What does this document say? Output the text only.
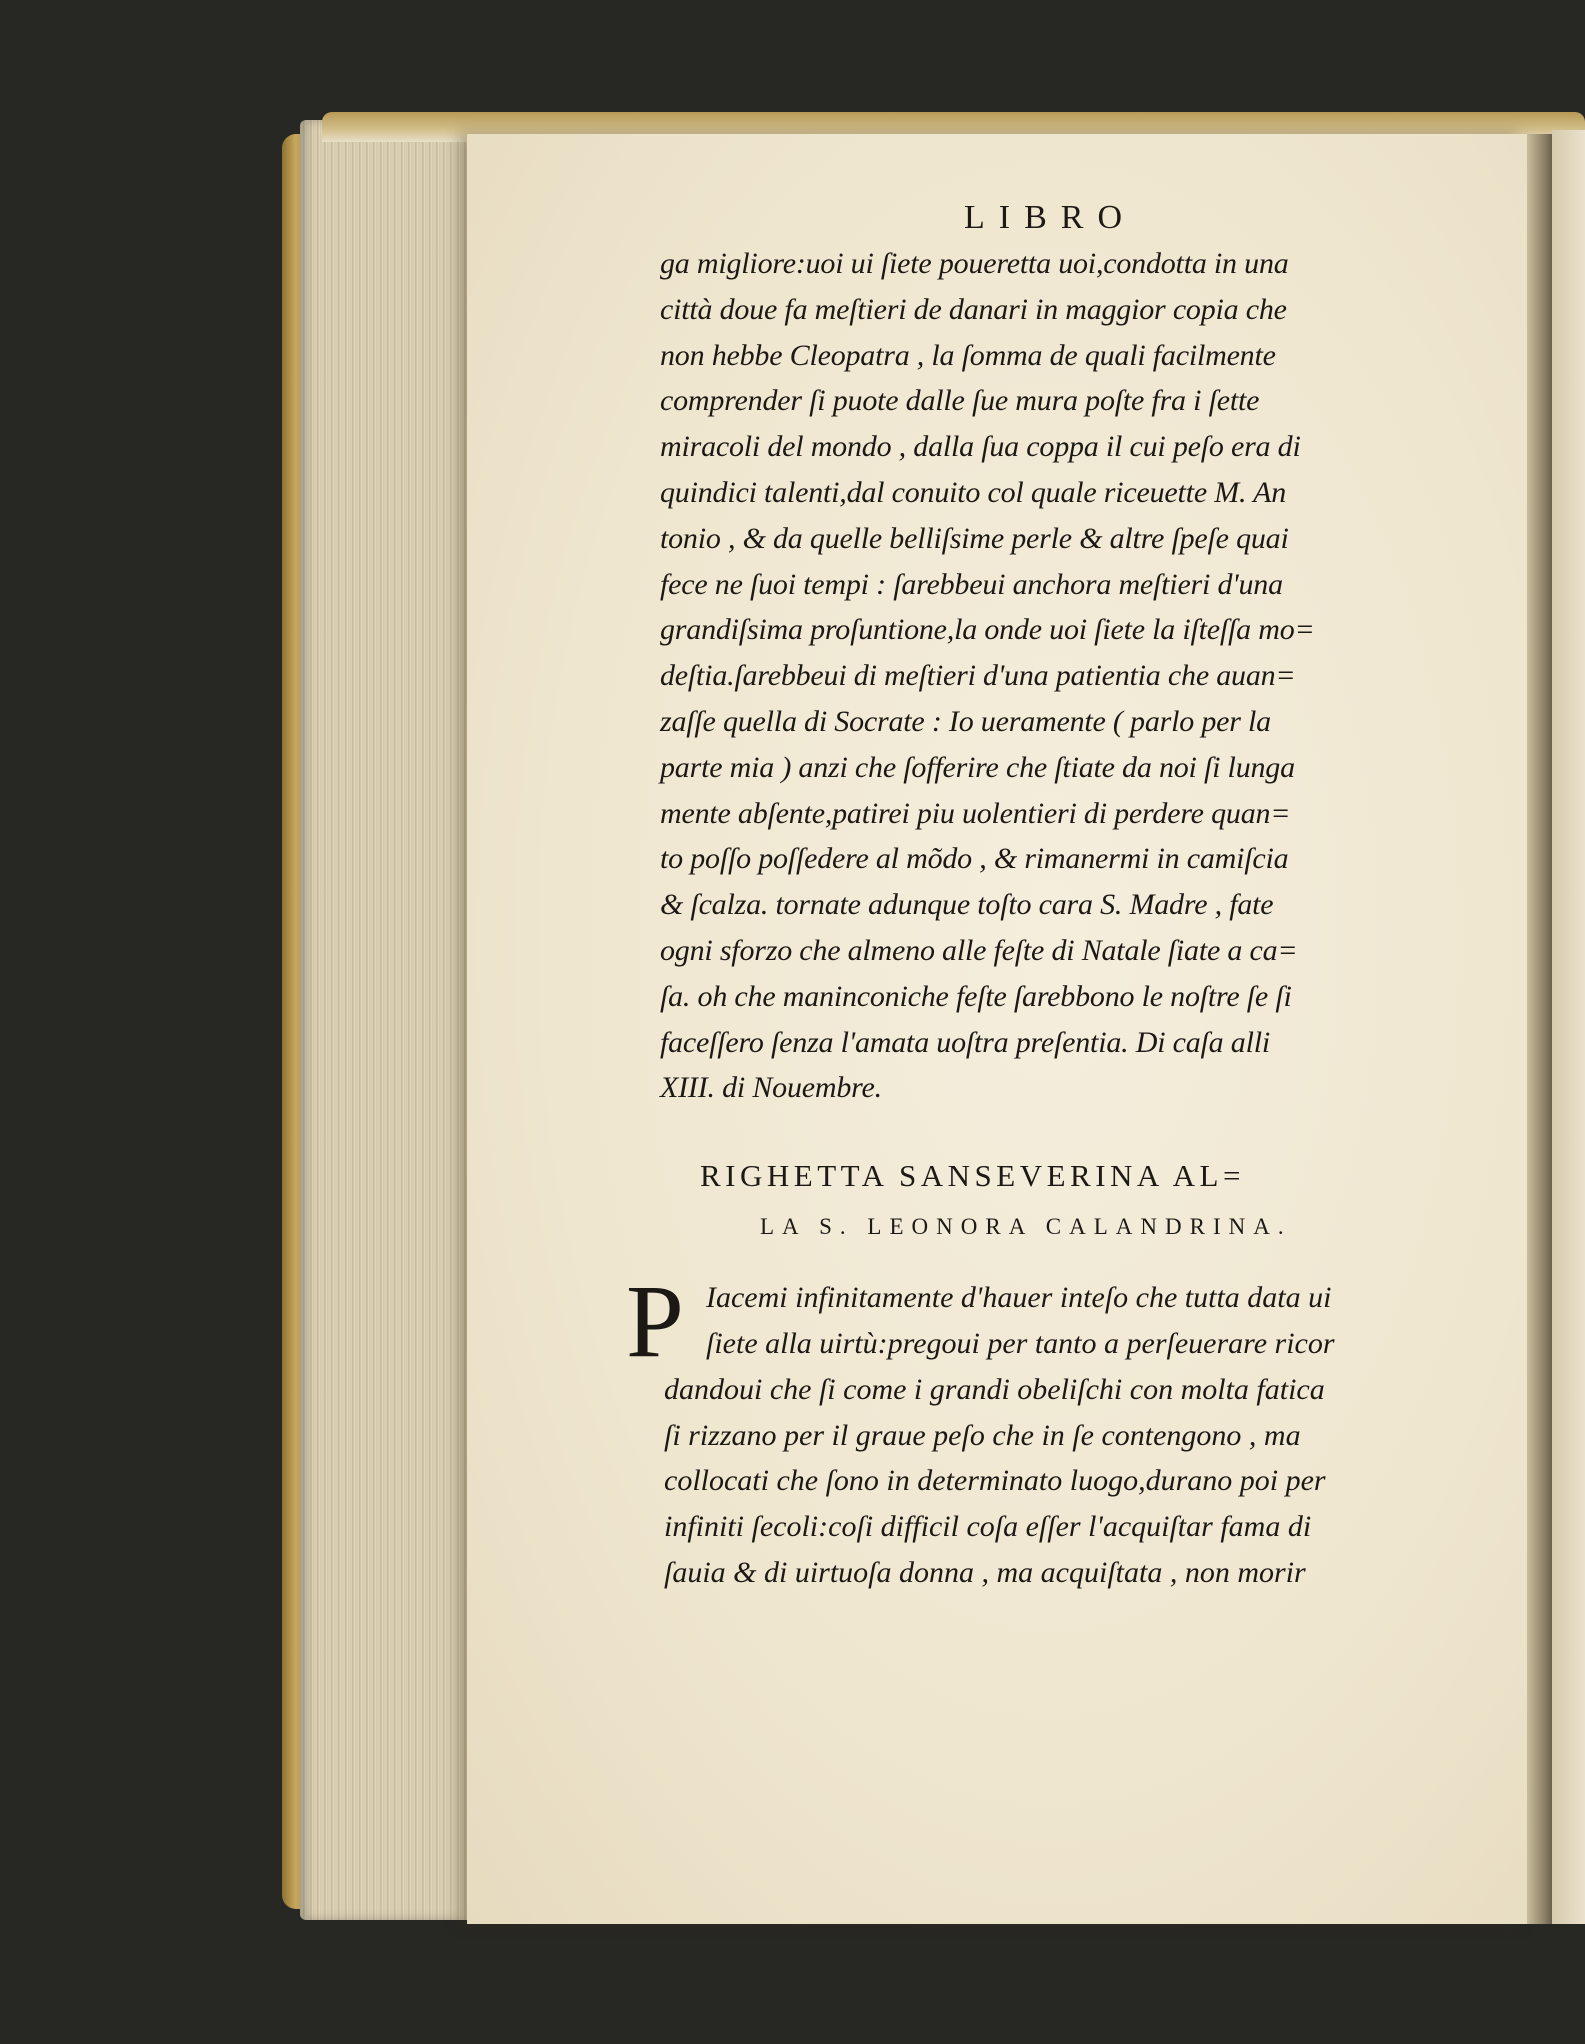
LIBRO
ga migliore:uoi ui ſiete poueretta uoi,condotta in una
città doue fa meſtieri de danari in maggior copia che
non hebbe Cleopatra , la ſomma de quali facilmente
comprender ſi puote dalle ſue mura poſte fra i ſette
miracoli del mondo , dalla ſua coppa il cui peſo era di
quindici talenti,dal conuito col quale riceuette M. An
tonio , & da quelle belliſsime perle & altre ſpeſe quai
fece ne ſuoi tempi : ſarebbeui anchora meſtieri d'una
grandiſsima proſuntione,la onde uoi ſiete la iſteſſa mo=
deſtia.ſarebbeui di meſtieri d'una patientia che auan=
zaſſe quella di Socrate : Io ueramente ( parlo per la
parte mia ) anzi che ſofferire che ſtiate da noi ſi lunga
mente abſente,patirei piu uolentieri di perdere quan=
to poſſo poſſedere al mõdo , & rimanermi in camiſcia
& ſcalza. tornate adunque toſto cara S. Madre , fate
ogni sforzo che almeno alle feſte di Natale ſiate a ca=
ſa. oh che maninconiche feſte ſarebbono le noſtre ſe ſi
faceſſero ſenza l'amata uoſtra preſentia. Di caſa alli
XIII. di Nouembre.
RIGHETTA SANSEVERINA AL=
LA S. LEONORA CALANDRINA.
P Iacemi infinitamente d'hauer inteſo che tutta data ui
ſiete alla uirtù:pregoui per tanto a perſeuerare ricor
dandoui che ſi come i grandi obeliſchi con molta fatica
ſi rizzano per il graue peſo che in ſe contengono , ma
collocati che ſono in determinato luogo,durano poi per
infiniti ſecoli:coſi difficil coſa eſſer l'acquiſtar fama di
ſauia & di uirtuoſa donna , ma acquiſtata , non morir
